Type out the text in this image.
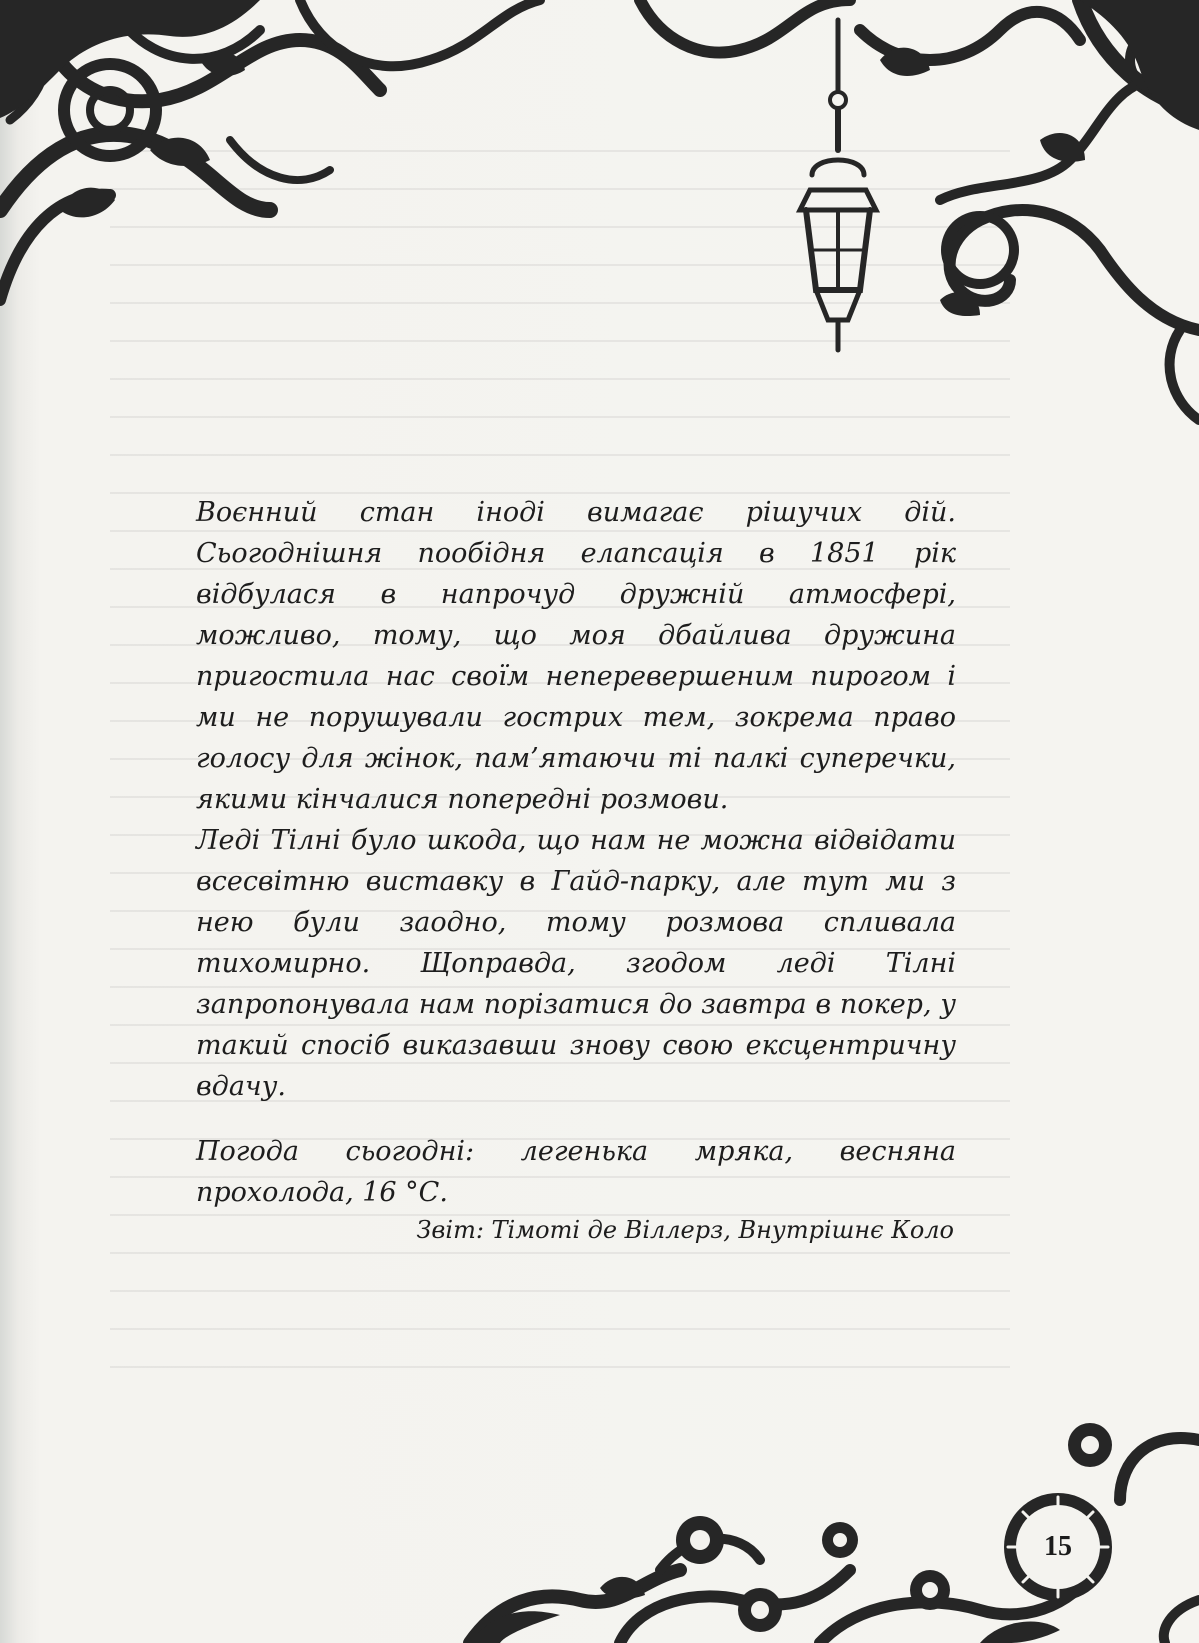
Воєнний стан іноді вимагає рішучих дій. Сьогоднішня пообідня елапсація в 1851 рік відбулася в напрочуд дружній атмосфері, можливо, тому, що моя дбайлива дружина пригостила нас своїм неперевершеним пирогом і ми не порушували гострих тем, зокрема право голосу для жінок, пам’ятаючи ті палкі суперечки, якими кінчалися попередні розмови.

Леді Тілні було шкода, що нам не можна відвідати всесвітню виставку в Гайд-парку, але тут ми з нею були заодно, тому розмова спливала тихомирно. Щоправда, згодом леді Тілні запропонувала нам порізатися до завтра в покер, у такий спосіб виказавши знову свою ексцентричну вдачу.

Погода сьогодні: легенька мряка, весняна прохолода, 16 °С.

Звіт: Тімоті де Віллерз, Внутрішнє Коло
15
